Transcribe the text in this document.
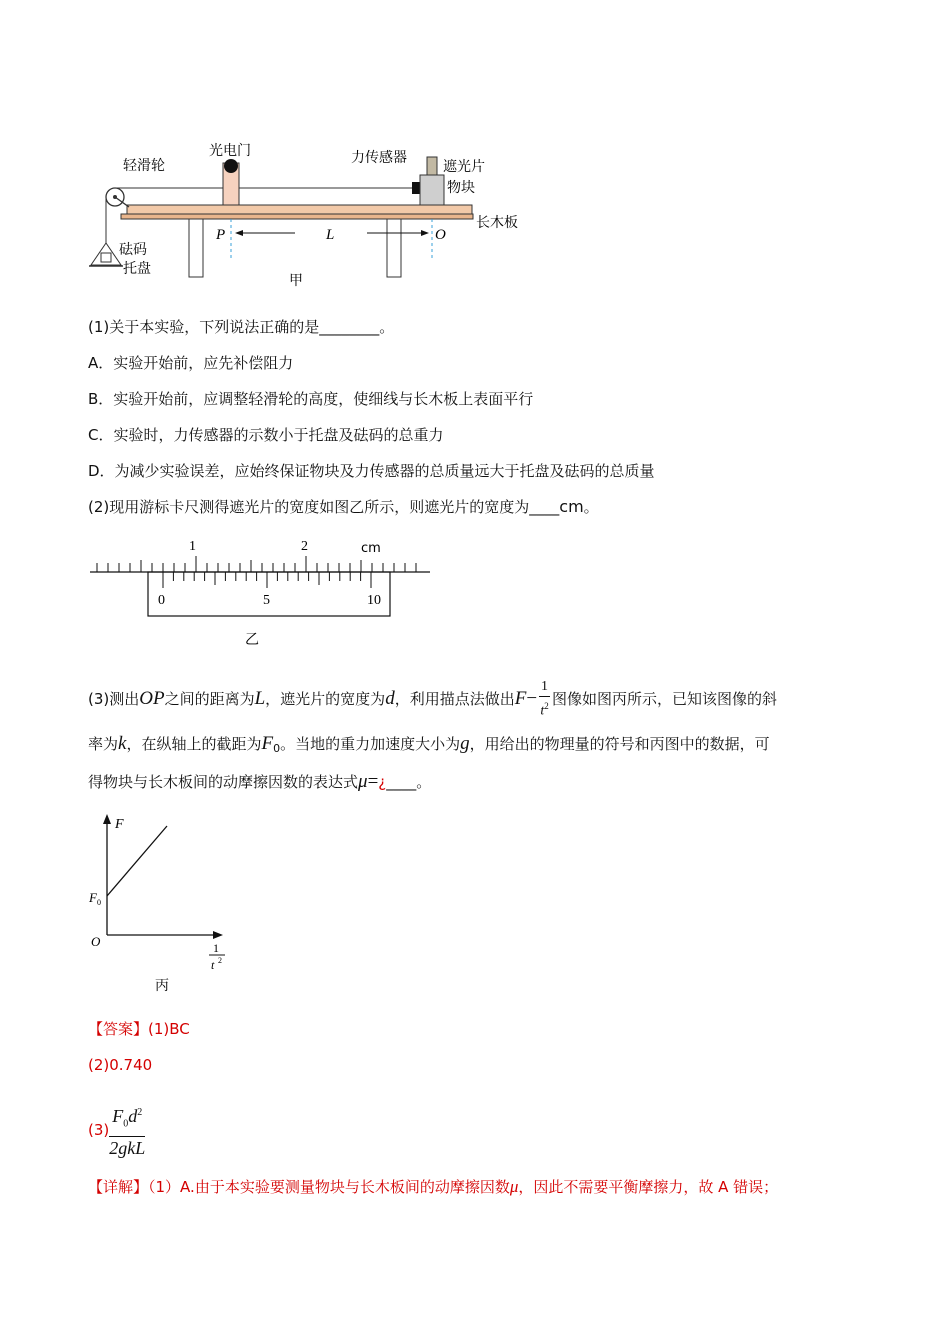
轻滑轮
光电门	力传感器
遮光片
物块
长木板
砝码
托盘
P	L	O
甲
(1)关于本实验，下列说法正确的是________。
A．实验开始前，应先补偿阻力
B．实验开始前，应调整轻滑轮的高度，使细线与长木板上表面平行
C．实验时，力传感器的示数小于托盘及砝码的总重力
D．为减少实验误差，应始终保证物块及力传感器的总质量远大于托盘及砝码的总质量
(2)现用游标卡尺测得遮光片的宽度如图乙所示，则遮光片的宽度为____cm。
1	2	cm
0	5	10
乙
(3)测出OP之间的距离为L，遮光片的宽度为d，利用描点法做出$F- \frac{1}{t^2}$ 图像如图丙所示，已知该图像的斜
率为k，在纵轴上的截距为$F_0$。当地的重力加速度大小为g，用给出的物理量的符号和丙图中的数据，可
得物块与长木板间的动摩擦因数的表达式μ=¿____。
F
F 0
O	1
t 2
丙
【答案】(1)BC
(2)0.740
$(3) \frac{F_0d^2}{\text{2gkL}}$
【详解】（1）A.由于本实验要测量物块与长木板间的动摩擦因数μ，因此不需要平衡摩擦力，故 A 错误；
